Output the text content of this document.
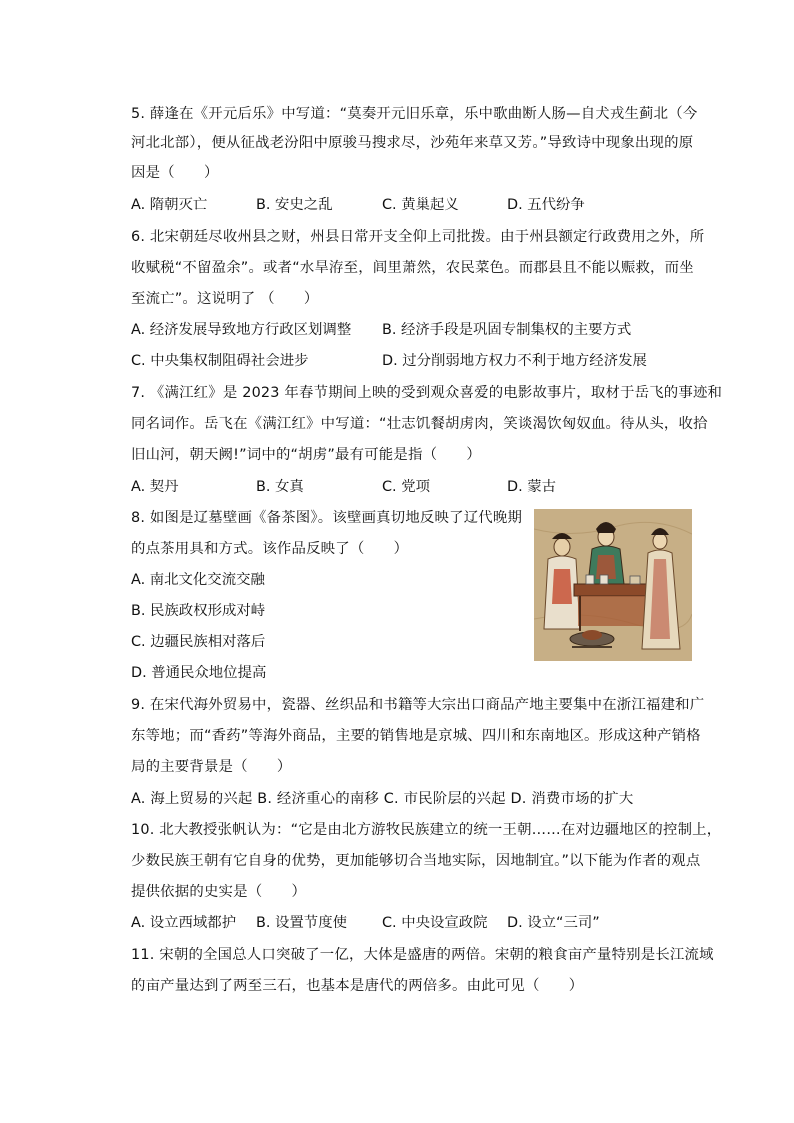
5. 薛逢在《开元后乐》中写道：“莫奏开元旧乐章，乐中歌曲断人肠—自犬戎生蓟北（今
河北北部），便从征战老汾阳中原骏马搜求尽，沙苑年来草又芳。”导致诗中现象出现的原
因是（　　）
A. 隋朝灭亡	B. 安史之乱	C. 黄巢起义	D. 五代纷争
6. 北宋朝廷尽收州县之财，州县日常开支全仰上司批拨。由于州县额定行政费用之外，所
收赋税“不留盈余”。或者“水旱洊至，闾里萧然，农民菜色。而郡县且不能以赈救，而坐
至流亡”。这说明了 （　　）
A. 经济发展导致地方行政区划调整 B. 经济手段是巩固专制集权的主要方式
C. 中央集权制阻碍社会进步	D. 过分削弱地方权力不利于地方经济发展
7. 《满江红》是 2023 年春节期间上映的受到观众喜爱的电影故事片，取材于岳飞的事迹和
同名词作。岳飞在《满江红》中写道：“壮志饥餐胡虏肉，笑谈渴饮匈奴血。待从头，收拾
旧山河，朝天阙!”词中的“胡虏”最有可能是指（　　）
A. 契丹	B. 女真	C. 党项	D. 蒙古
8. 如图是辽墓壁画《备茶图》。该壁画真切地反映了辽代晚期
的点茶用具和方式。该作品反映了（　　）
A. 南北文化交流交融
B. 民族政权形成对峙
C. 边疆民族相对落后
D. 普通民众地位提高
9. 在宋代海外贸易中，瓷器、丝织品和书籍等大宗出口商品产地主要集中在浙江福建和广
东等地；而“香药”等海外商品，主要的销售地是京城、四川和东南地区。形成这种产销格
局的主要背景是（　　）
A. 海上贸易的兴起 B. 经济重心的南移 C. 市民阶层的兴起 D. 消费市场的扩大
10. 北大教授张帆认为：“它是由北方游牧民族建立的统一王朝……在对边疆地区的控制上，
少数民族王朝有它自身的优势，更加能够切合当地实际，因地制宜。”以下能为作者的观点
提供依据的史实是（　　）
A. 设立西域都护 B. 设置节度使 C. 中央设宣政院 D. 设立“三司”
11. 宋朝的全国总人口突破了一亿，大体是盛唐的两倍。宋朝的粮食亩产量特别是长江流域
的亩产量达到了两至三石，也基本是唐代的两倍多。由此可见（　　）
